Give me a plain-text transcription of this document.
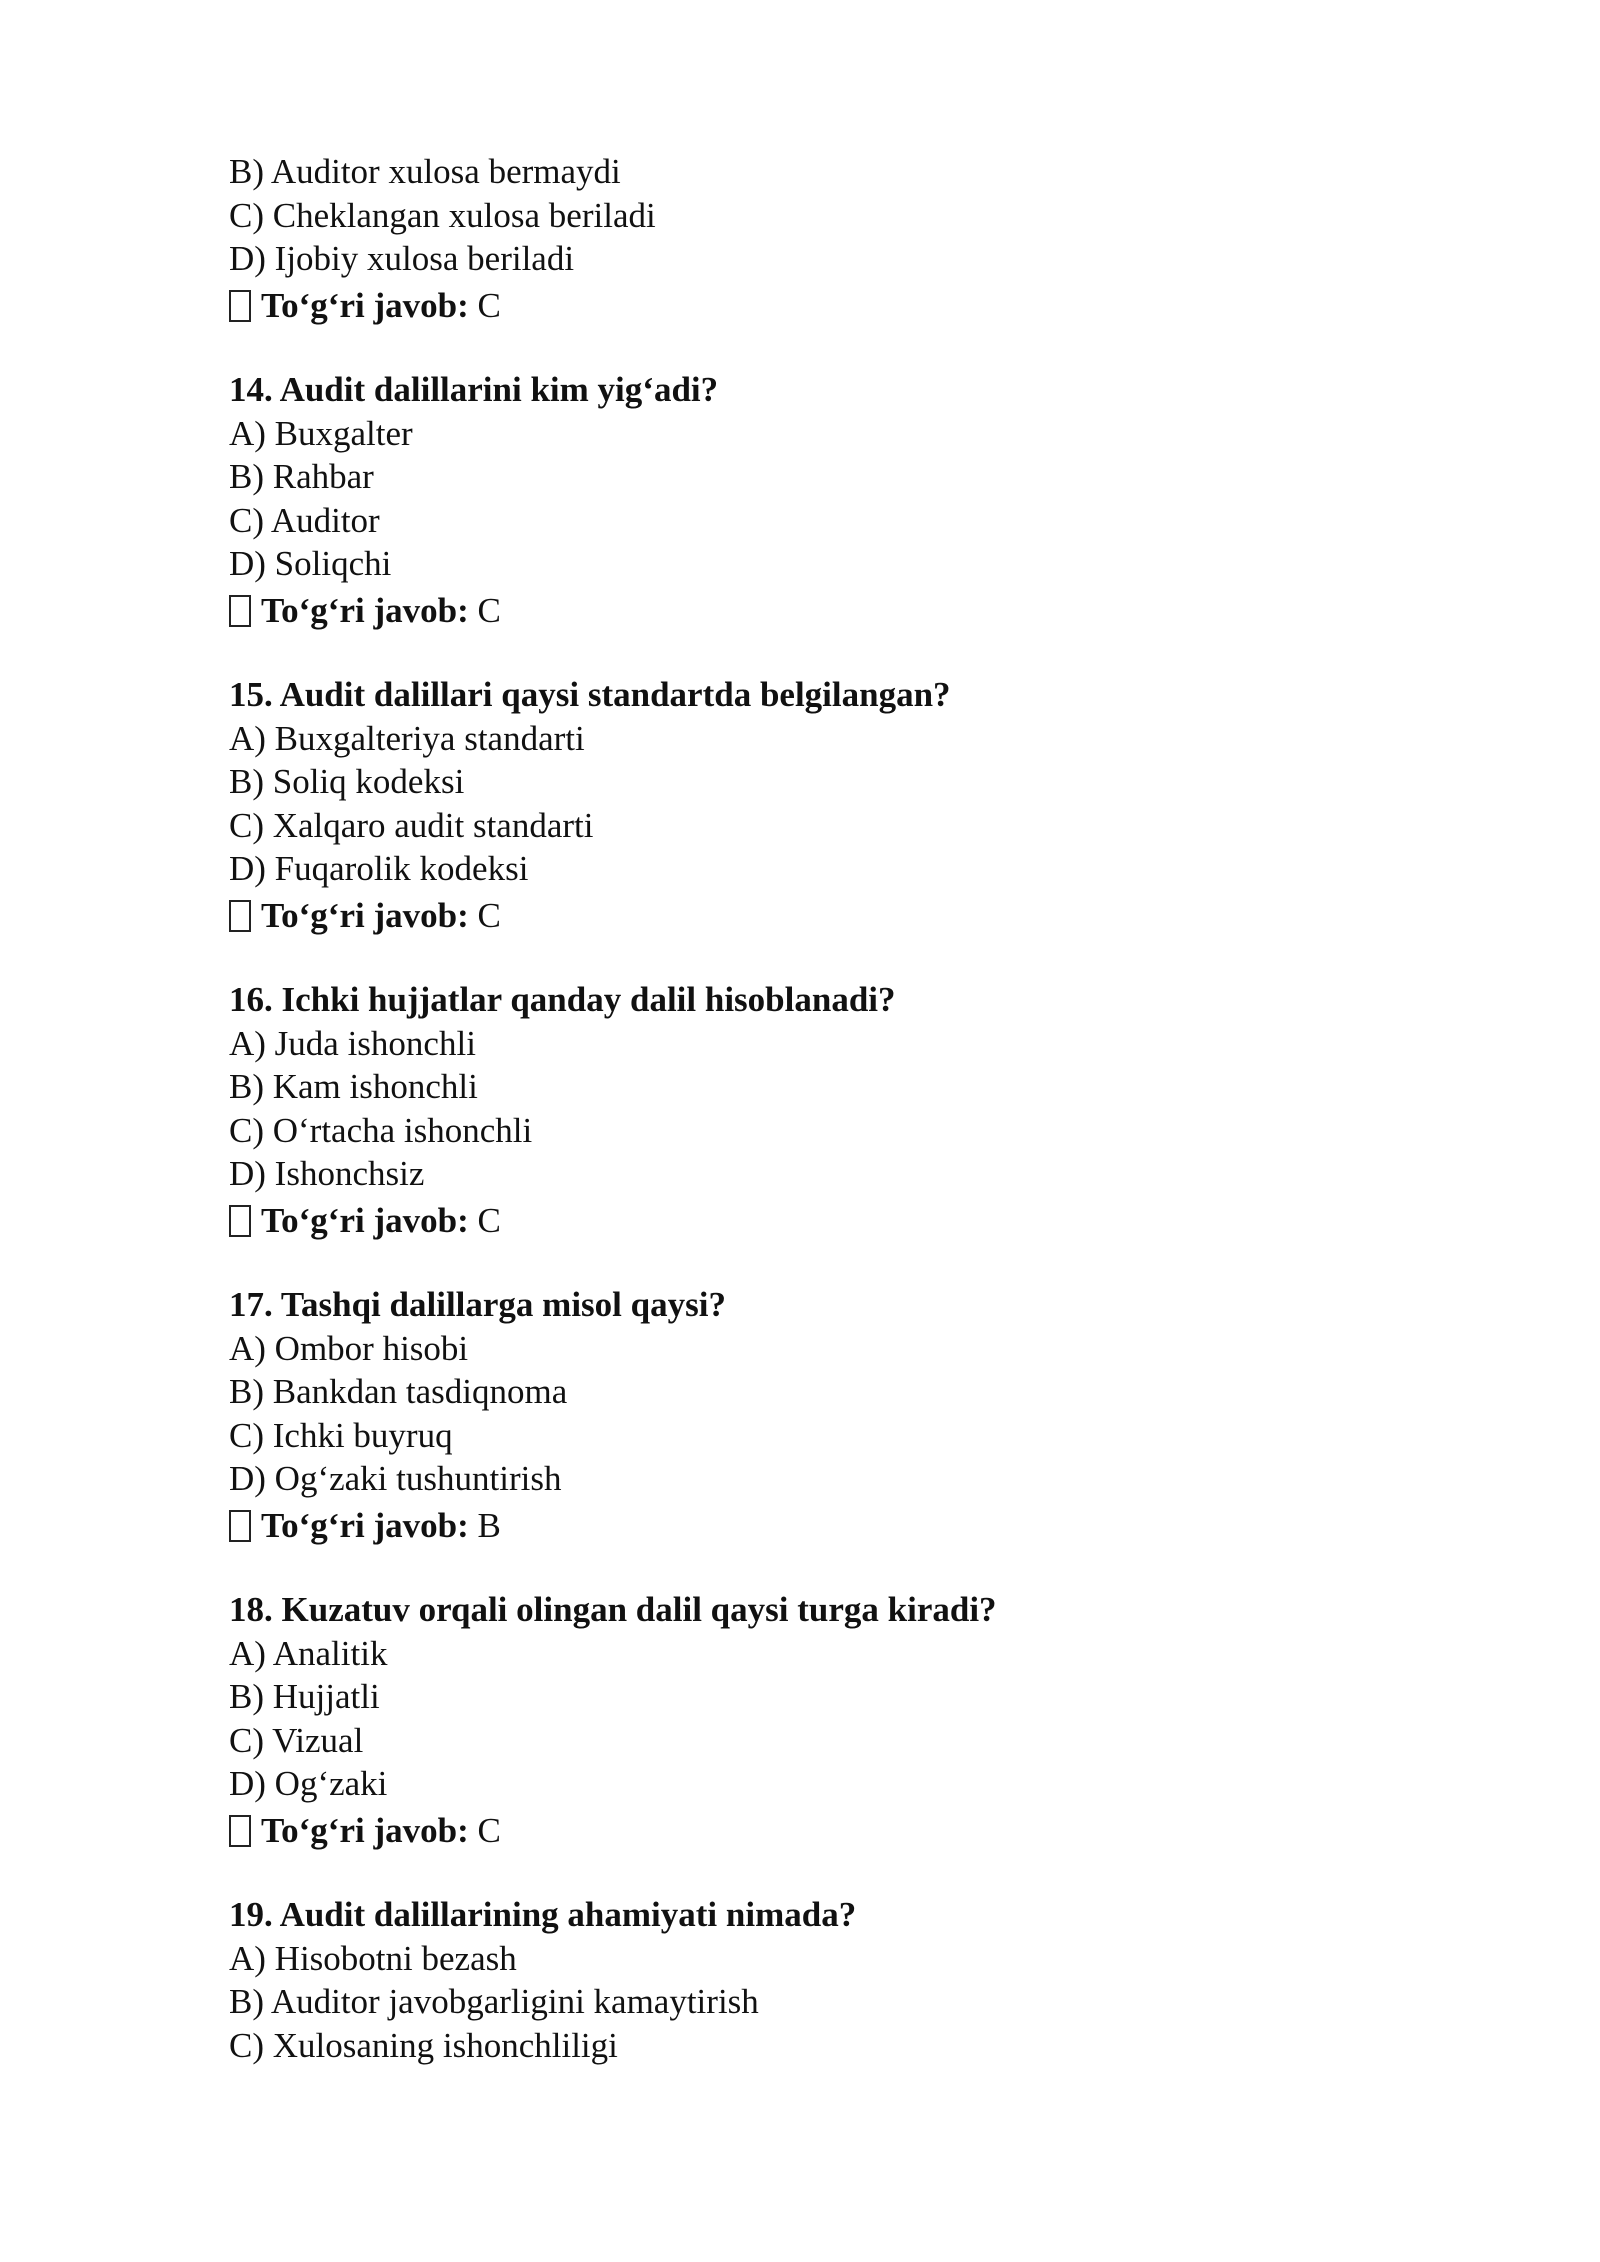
B) Auditor xulosa bermaydi
C) Cheklangan xulosa beriladi
D) Ijobiy xulosa beriladi
To‘g‘ri javob: C
14. Audit dalillarini kim yig‘adi?
A) Buxgalter
B) Rahbar
C) Auditor
D) Soliqchi
To‘g‘ri javob: C
15. Audit dalillari qaysi standartda belgilangan?
A) Buxgalteriya standarti
B) Soliq kodeksi
C) Xalqaro audit standarti
D) Fuqarolik kodeksi
To‘g‘ri javob: C
16. Ichki hujjatlar qanday dalil hisoblanadi?
A) Juda ishonchli
B) Kam ishonchli
C) O‘rtacha ishonchli
D) Ishonchsiz
To‘g‘ri javob: C
17. Tashqi dalillarga misol qaysi?
A) Ombor hisobi
B) Bankdan tasdiqnoma
C) Ichki buyruq
D) Og‘zaki tushuntirish
To‘g‘ri javob: B
18. Kuzatuv orqali olingan dalil qaysi turga kiradi?
A) Analitik
B) Hujjatli
C) Vizual
D) Og‘zaki
To‘g‘ri javob: C
19. Audit dalillarining ahamiyati nimada?
A) Hisobotni bezash
B) Auditor javobgarligini kamaytirish
C) Xulosaning ishonchliligi
